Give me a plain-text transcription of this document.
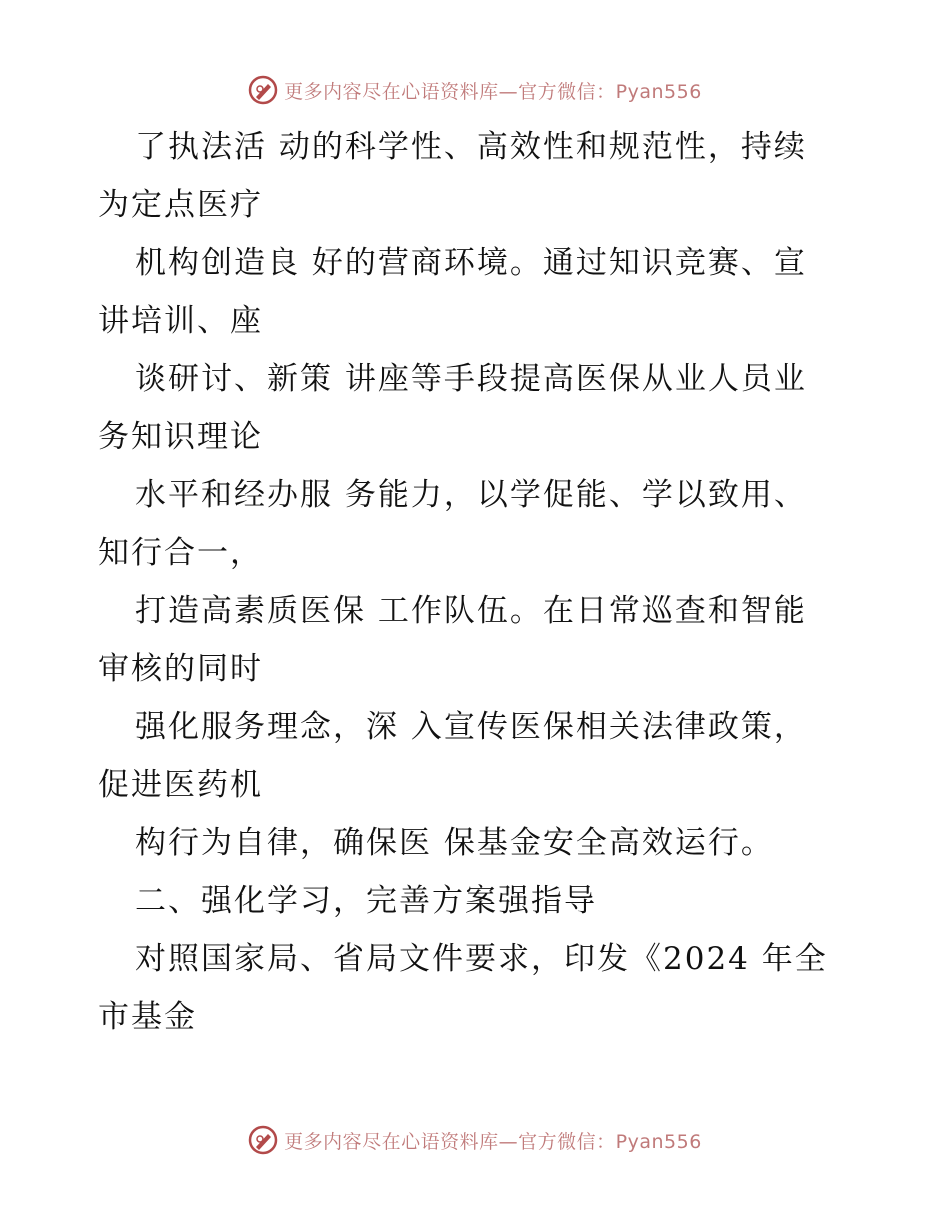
更多内容尽在心语资料库—官方微信：Pyan556

了执法活 动的科学性、高效性和规范性，持续
为定点医疗

机构创造良 好的营商环境。通过知识竞赛、宣
讲培训、座

谈研讨、新策 讲座等手段提高医保从业人员业
务知识理论

水平和经办服 务能力，以学促能、学以致用、
知行合一，

打造高素质医保 工作队伍。在日常巡查和智能
审核的同时

强化服务理念，深 入宣传医保相关法律政策，
促进医药机

构行为自律，确保医 保基金安全高效运行。

二、强化学习，完善方案强指导

对照国家局、省局文件要求，印发《2024 年全
市基金

更多内容尽在心语资料库—官方微信：Pyan556
